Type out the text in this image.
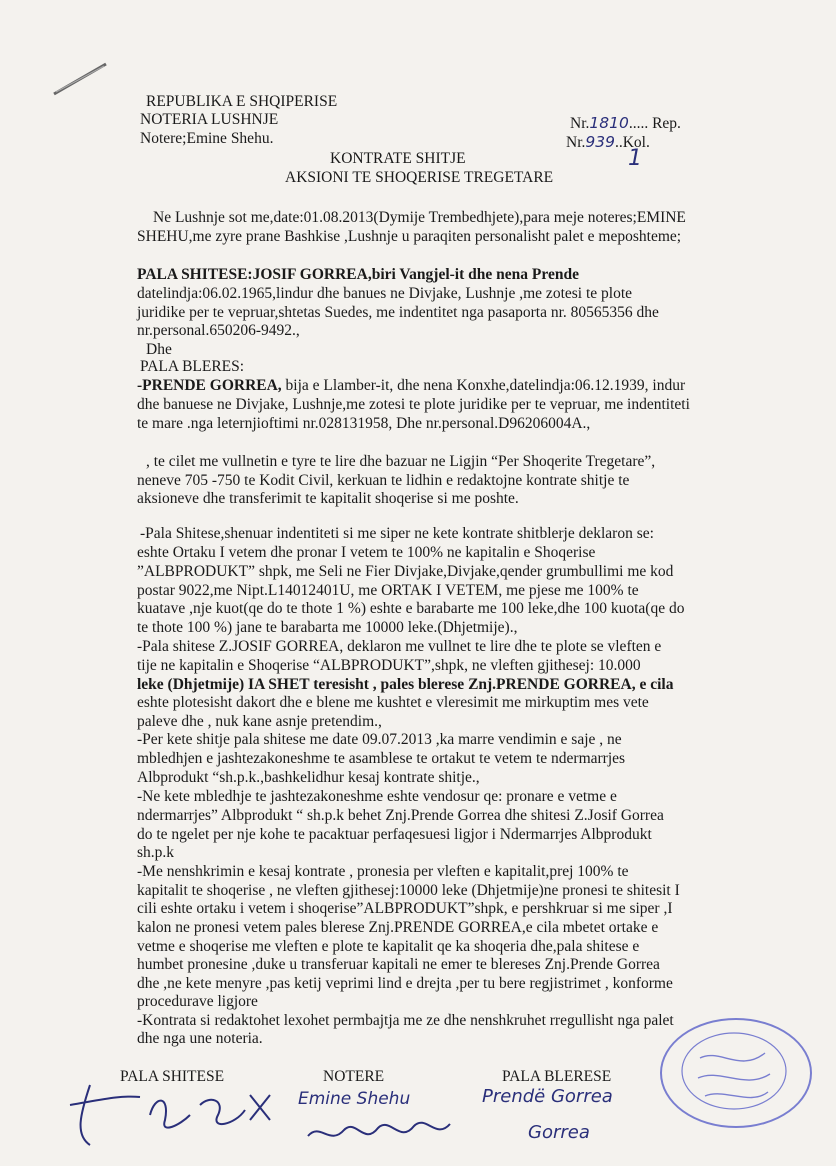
REPUBLIKA E SHQIPERISE
NOTERIA LUSHNJE
Notere;Emine Shehu.
Nr.1810..... Rep.
Nr.939..Kol.
1
KONTRATE SHITJE
AKSIONI TE SHOQERISE TREGETARE
Ne Lushnje sot me,date:01.08.2013(Dymije Trembedhjete),para meje noteres;EMINE
SHEHU,me zyre prane Bashkise ,Lushnje u paraqiten personalisht palet e meposhteme;
PALA SHITESE:JOSIF GORREA,biri Vangjel-it dhe nena Prende
datelindja:06.02.1965,lindur dhe banues ne Divjake, Lushnje ,me zotesi te plote
juridike per te vepruar,shtetas Suedes, me indentitet nga pasaporta nr. 80565356 dhe
nr.personal.650206-9492.,
Dhe
PALA BLERES:
-PRENDE GORREA, bija e Llamber-it, dhe nena Konxhe,datelindja:06.12.1939, indur
dhe banuese ne Divjake, Lushnje,me zotesi te plote juridike per te vepruar, me indentiteti
te mare .nga leternjioftimi nr.028131958, Dhe nr.personal.D96206004A.,
, te cilet me vullnetin e tyre te lire dhe bazuar ne Ligjin “Per Shoqerite Tregetare”,
neneve 705 -750 te Kodit Civil, kerkuan te lidhin e redaktojne kontrate shitje te
aksioneve dhe transferimit te kapitalit shoqerise si me poshte.
-Pala Shitese,shenuar indentiteti si me siper ne kete kontrate shitblerje deklaron se:
eshte Ortaku I vetem dhe pronar I vetem te 100% ne kapitalin e Shoqerise
”ALBPRODUKT” shpk, me Seli ne Fier Divjake,Divjake,qender grumbullimi me kod
postar 9022,me Nipt.L14012401U, me ORTAK I VETEM, me pjese me 100% te
kuatave ,nje kuot(qe do te thote 1 %) eshte e barabarte me 100 leke,dhe 100 kuota(qe do
te thote 100 %) jane te barabarta me 10000 leke.(Dhjetmije).,
-Pala shitese Z.JOSIF GORREA, deklaron me vullnet te lire dhe te plote se vleften e
tije ne kapitalin e Shoqerise “ALBPRODUKT”,shpk, ne vleften gjithesej: 10.000
leke (Dhjetmije) IA SHET teresisht , pales blerese Znj.PRENDE GORREA, e cila
eshte plotesisht dakort dhe e blene me kushtet e vleresimit me mirkuptim mes vete
paleve dhe , nuk kane asnje pretendim.,
-Per kete shitje pala shitese me date 09.07.2013 ,ka marre vendimin e saje , ne
mbledhjen e jashtezakoneshme te asamblese te ortakut te vetem te ndermarrjes
Albprodukt “sh.p.k.,bashkelidhur kesaj kontrate shitje.,
-Ne kete mbledhje te jashtezakoneshme eshte vendosur qe: pronare e vetme e
ndermarrjes” Albprodukt “ sh.p.k behet Znj.Prende Gorrea dhe shitesi Z.Josif Gorrea
do te ngelet per nje kohe te pacaktuar perfaqesuesi ligjor i Ndermarrjes Albprodukt
sh.p.k
-Me nenshkrimin e kesaj kontrate , pronesia per vleften e kapitalit,prej 100% te
kapitalit te shoqerise , ne vleften gjithesej:10000 leke (Dhjetmije)ne pronesi te shitesit I
cili eshte ortaku i vetem i shoqerise”ALBPRODUKT”shpk, e pershkruar si me siper ,I
kalon ne pronesi vetem pales blerese Znj.PRENDE GORREA,e cila mbetet ortake e
vetme e shoqerise me vleften e plote te kapitalit qe ka shoqeria dhe,pala shitese e
humbet pronesine ,duke u transferuar kapitali ne emer te blereses Znj.Prende Gorrea
dhe ,ne kete menyre ,pas ketij veprimi lind e drejta ,per tu bere regjistrimet , konforme
procedurave ligjore
-Kontrata si redaktohet lexohet permbajtja me ze dhe nenshkruhet rregullisht nga palet
dhe nga une noteria.
PALA SHITESE	NOTERE	PALA BLERESE
Emine Shehu	Prendë Gorrea
Gorrea
